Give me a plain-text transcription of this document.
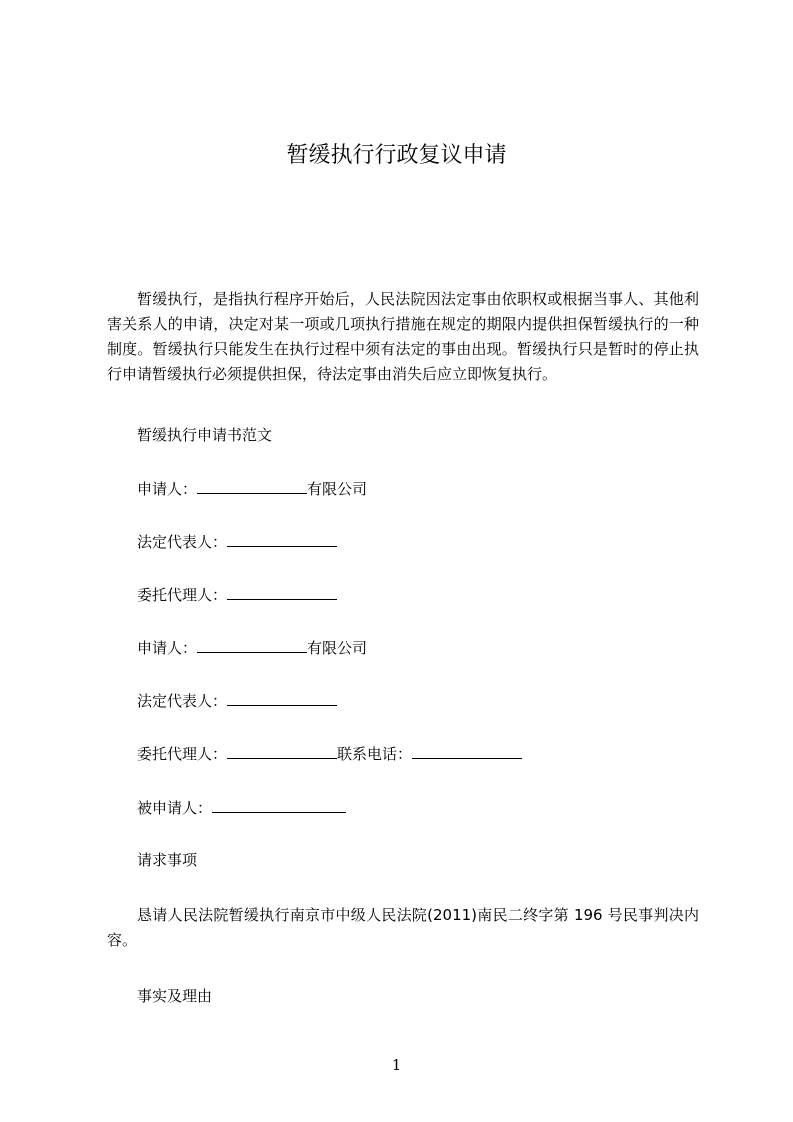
暂缓执行行政复议申请

暂缓执行，是指执行程序开始后，人民法院因法定事由依职权或根据当事人、其他利害关系人的申请，决定对某一项或几项执行措施在规定的期限内提供担保暂缓执行的一种制度。暂缓执行只能发生在执行过程中须有法定的事由出现。暂缓执行只是暂时的停止执行申请暂缓执行必须提供担保，待法定事由消失后应立即恢复执行。

暂缓执行申请书范文
申请人：	有限公司
法定代表人：
委托代理人：
申请人：	有限公司
法定代表人：
委托代理人：	联系电话：
被申请人：
请求事项

恳请人民法院暂缓执行南京市中级人民法院(2011)南民二终字第 196 号民事判决内容。

事实及理由
1
